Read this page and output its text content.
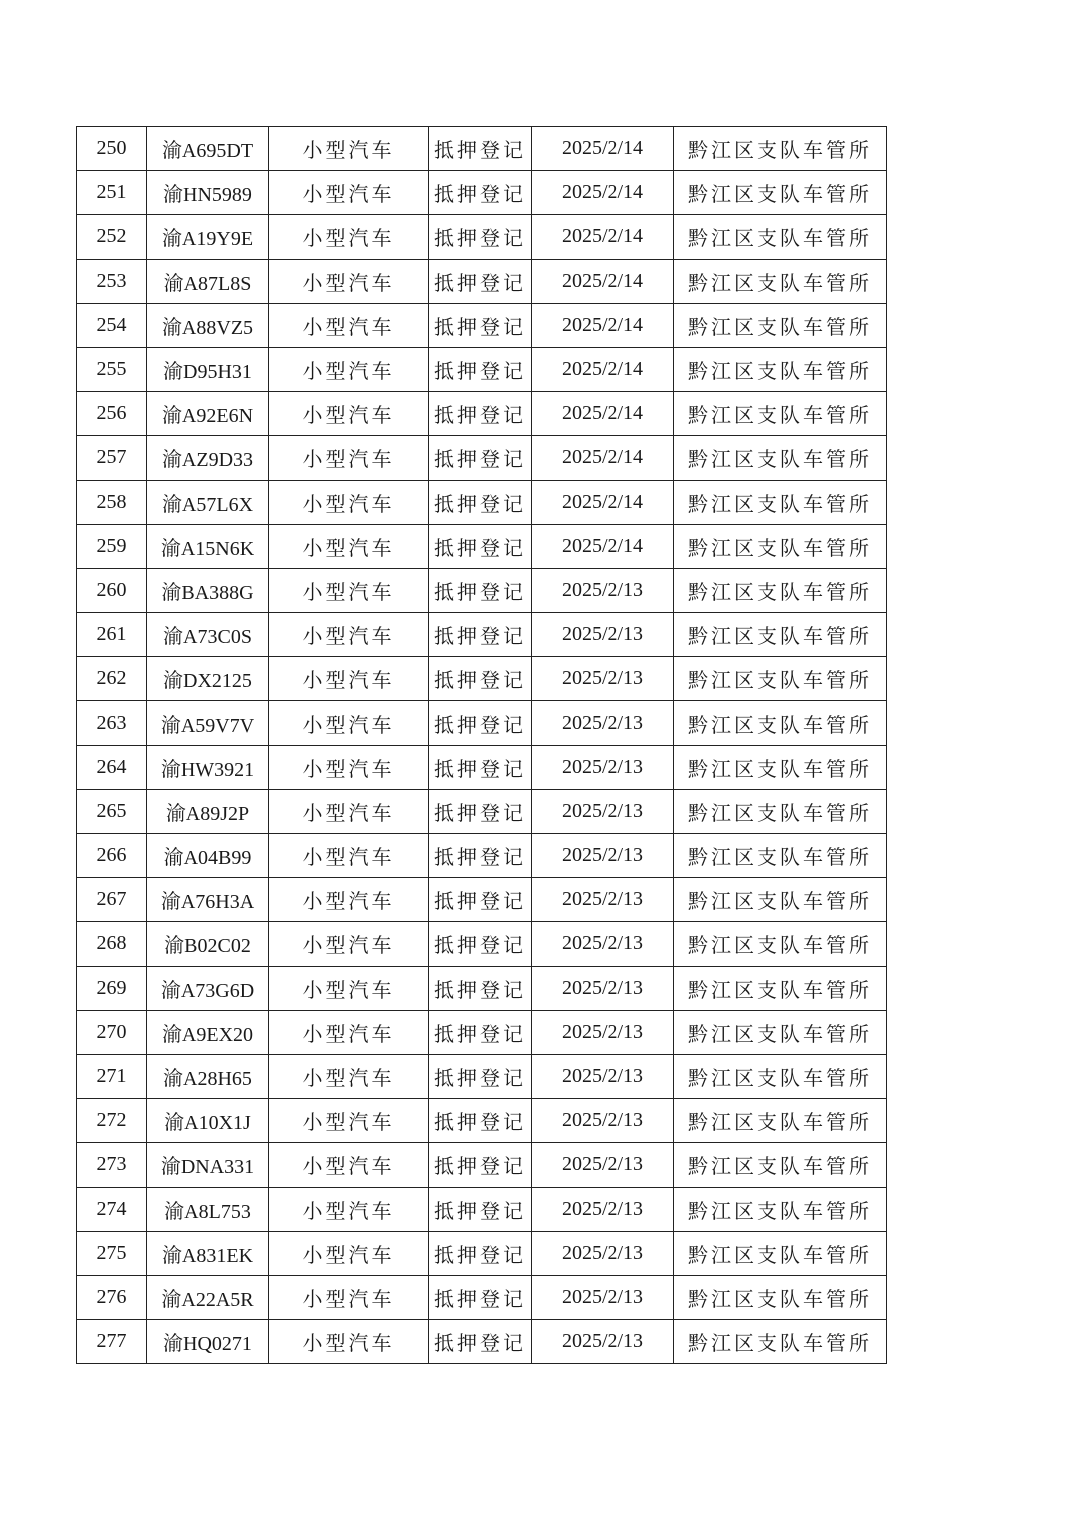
250	渝A695DT	小型汽车	抵押登记	2025/2/14	黔江区支队车管所
251	渝HN5989	小型汽车	抵押登记	2025/2/14	黔江区支队车管所
252	渝A19Y9E	小型汽车	抵押登记	2025/2/14	黔江区支队车管所
253	渝A87L8S	小型汽车	抵押登记	2025/2/14	黔江区支队车管所
254	渝A88VZ5	小型汽车	抵押登记	2025/2/14	黔江区支队车管所
255	渝D95H31	小型汽车	抵押登记	2025/2/14	黔江区支队车管所
256	渝A92E6N	小型汽车	抵押登记	2025/2/14	黔江区支队车管所
257	渝AZ9D33	小型汽车	抵押登记	2025/2/14	黔江区支队车管所
258	渝A57L6X	小型汽车	抵押登记	2025/2/14	黔江区支队车管所
259	渝A15N6K	小型汽车	抵押登记	2025/2/14	黔江区支队车管所
260	渝BA388G	小型汽车	抵押登记	2025/2/13	黔江区支队车管所
261	渝A73C0S	小型汽车	抵押登记	2025/2/13	黔江区支队车管所
262	渝DX2125	小型汽车	抵押登记	2025/2/13	黔江区支队车管所
263	渝A59V7V	小型汽车	抵押登记	2025/2/13	黔江区支队车管所
264	渝HW3921	小型汽车	抵押登记	2025/2/13	黔江区支队车管所
265	渝A89J2P	小型汽车	抵押登记	2025/2/13	黔江区支队车管所
266	渝A04B99	小型汽车	抵押登记	2025/2/13	黔江区支队车管所
267	渝A76H3A	小型汽车	抵押登记	2025/2/13	黔江区支队车管所
268	渝B02C02	小型汽车	抵押登记	2025/2/13	黔江区支队车管所
269	渝A73G6D	小型汽车	抵押登记	2025/2/13	黔江区支队车管所
270	渝A9EX20	小型汽车	抵押登记	2025/2/13	黔江区支队车管所
271	渝A28H65	小型汽车	抵押登记	2025/2/13	黔江区支队车管所
272	渝A10X1J	小型汽车	抵押登记	2025/2/13	黔江区支队车管所
273	渝DNA331	小型汽车	抵押登记	2025/2/13	黔江区支队车管所
274	渝A8L753	小型汽车	抵押登记	2025/2/13	黔江区支队车管所
275	渝A831EK	小型汽车	抵押登记	2025/2/13	黔江区支队车管所
276	渝A22A5R	小型汽车	抵押登记	2025/2/13	黔江区支队车管所
277	渝HQ0271	小型汽车	抵押登记	2025/2/13	黔江区支队车管所
